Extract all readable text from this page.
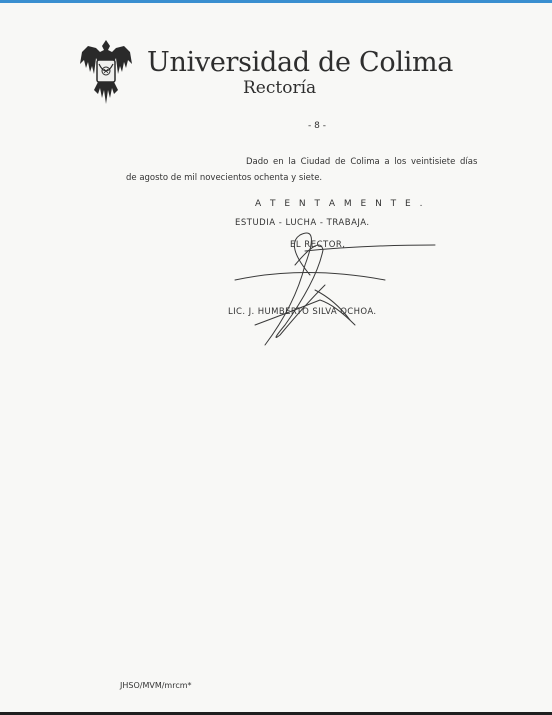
Universidad de Colima
Rectoría
- 8 -
Dado en la Ciudad de Colima a los veintisiete días
de agosto de mil novecientos ochenta y siete.
A T E N T A M E N T E .
ESTUDIA - LUCHA - TRABAJA.
EL RECTOR,
LIC. J. HUMBERTO SILVA OCHOA.
JHSO/MVM/mrcm*
